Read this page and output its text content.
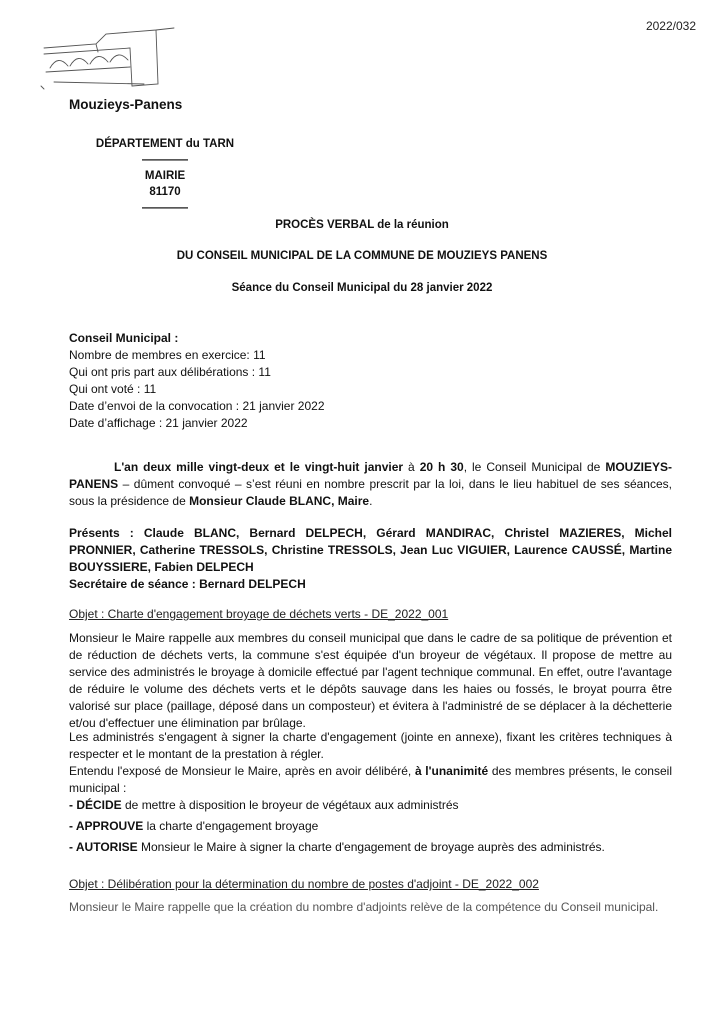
2022/032
Mouzieys-Panens
DÉPARTEMENT du TARN
————
MAIRIE
81170
————
PROCÈS VERBAL de la réunion
DU CONSEIL MUNICIPAL DE LA COMMUNE DE MOUZIEYS PANENS
Séance du Conseil Municipal du 28 janvier 2022
Conseil Municipal :
Nombre de membres en exercice: 11
Qui ont pris part aux délibérations : 11
Qui ont voté : 11
Date d’envoi de la convocation : 21 janvier 2022
Date d’affichage : 21 janvier 2022
L'an deux mille vingt-deux et le vingt-huit janvier à 20 h 30, le Conseil Municipal de MOUZIEYS-PANENS – dûment convoqué – s’est réuni en nombre prescrit par la loi, dans le lieu habituel de ses séances, sous la présidence de Monsieur Claude BLANC, Maire.
Présents : Claude BLANC, Bernard DELPECH, Gérard MANDIRAC, Christel MAZIERES, Michel PRONNIER, Catherine TRESSOLS, Christine TRESSOLS, Jean Luc VIGUIER, Laurence CAUSSÉ, Martine BOUYSSIERE, Fabien DELPECH
Secrétaire de séance : Bernard DELPECH
Objet : Charte d'engagement broyage de déchets verts - DE_2022_001
Monsieur le Maire rappelle aux membres du conseil municipal que dans le cadre de sa politique de prévention et de réduction de déchets verts, la commune s'est équipée d'un broyeur de végétaux. Il propose de mettre au service des administrés le broyage à domicile effectué par l'agent technique communal. En effet, outre l'avantage de réduire le volume des déchets verts et le dépôts sauvage dans les haies ou fossés, le broyat pourra être valorisé sur place (paillage, déposé dans un composteur) et évitera à l'administré de se déplacer à la déchetterie et/ou d'effectuer une élimination par brûlage.
Les administrés s'engagent à signer la charte d'engagement (jointe en annexe), fixant les critères techniques à respecter et le montant de la prestation à régler.
Entendu l'exposé de Monsieur le Maire, après en avoir délibéré, à l'unanimité des membres présents, le conseil municipal :
- DÉCIDE de mettre à disposition le broyeur de végétaux aux administrés
- APPROUVE la charte d'engagement broyage
- AUTORISE Monsieur le Maire à signer la charte d'engagement de broyage auprès des administrés.
Objet : Délibération pour la détermination du nombre de postes d'adjoint - DE_2022_002
Monsieur le Maire rappelle que la création du nombre d'adjoints relève de la compétence du Conseil municipal.
